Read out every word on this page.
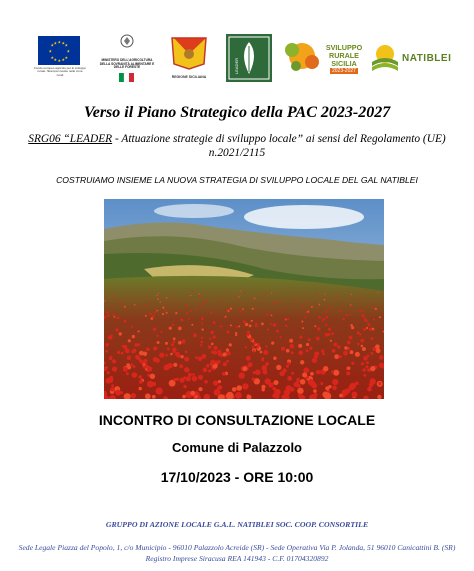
★
★
★	★
★	★
★	★
★ ★
★ ★
Fondo europeo agricolo per lo sviluppo rurale: l'Europa investe nelle zone rurali
MINISTERO DELL'AGRICOLTURA DELLA SOVRANITÀ ALIMENTARE E DELLE FORESTE
REGIONE SICILIANA
LEADER
SVILUPPO RURALE SICILIA
2023-2027
NATIBLEI
Verso il Piano Strategico della PAC 2023-2027
SRG06 “LEADER - Attuazione strategie di sviluppo locale” ai sensi del Regolamento (UE) n.2021/2115
COSTRUIAMO INSIEME LA NUOVA STRATEGIA DI SVILUPPO LOCALE DEL GAL NATIBLEI
INCONTRO DI CONSULTAZIONE LOCALE
Comune di Palazzolo
17/10/2023 - ORE 10:00
GRUPPO DI AZIONE LOCALE G.A.L. NATIBLEI SOC. COOP. CONSORTILE
Sede Legale Piazza del Popolo, 1, c/o Municipio - 96010 Palazzolo Acreide (SR) - Sede Operativa Via P. Jolanda, 51 96010 Canicattini B. (SR) Registro Imprese Siracusa REA 141943 - C.F. 01704320892
